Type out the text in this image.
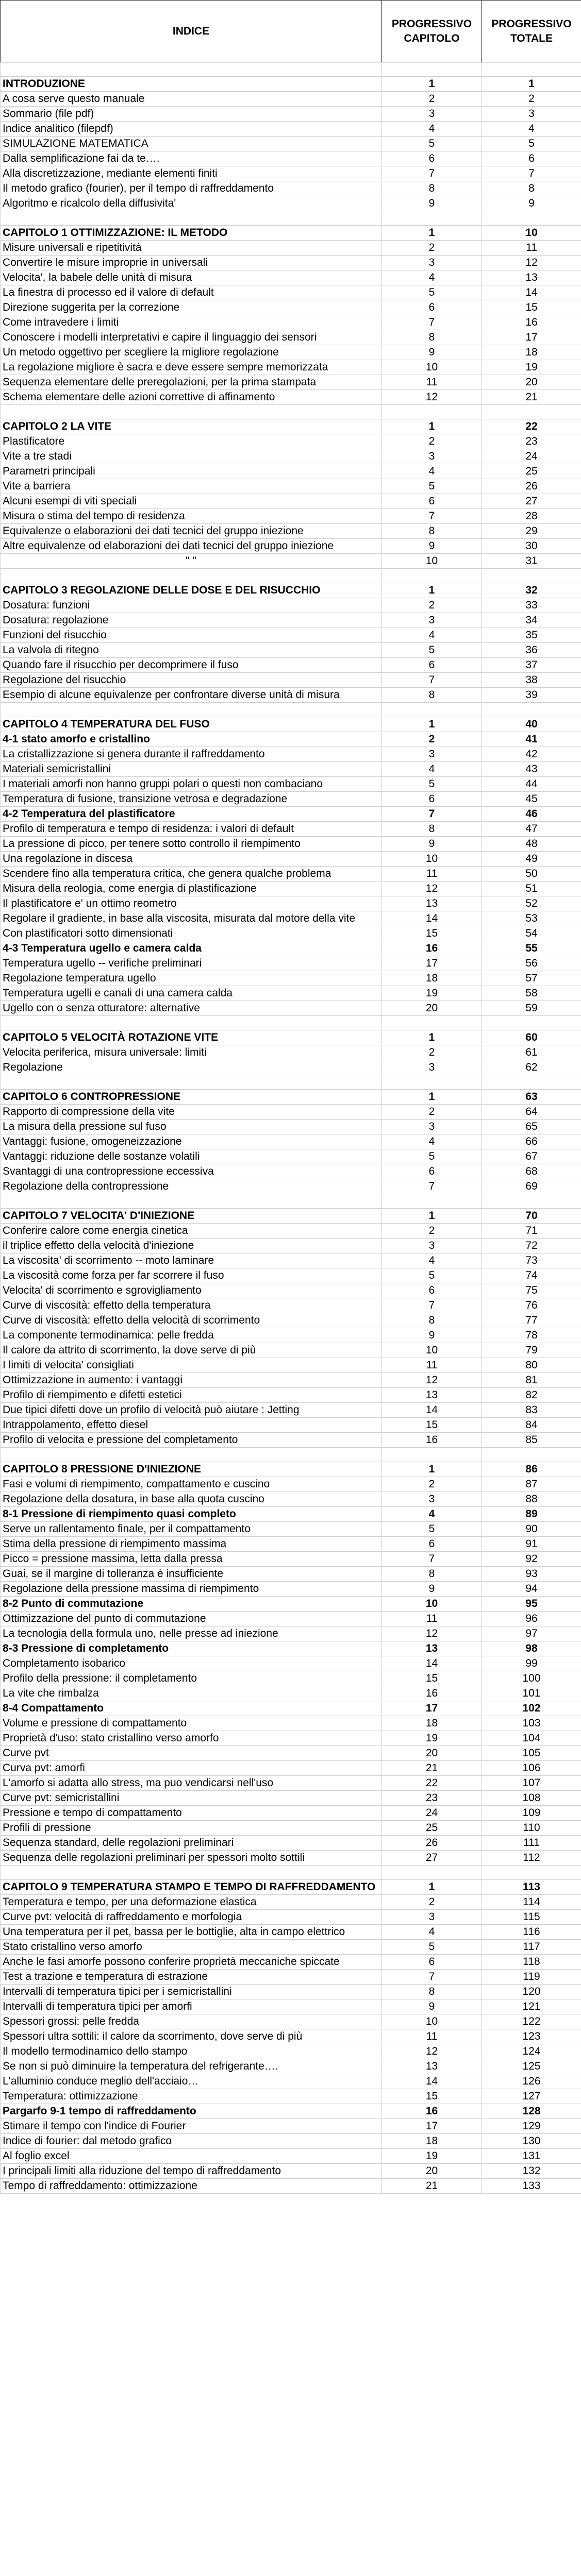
INDICE	PROGRESSIVO CAPITOLO	PROGRESSIVO TOTALE

INTRODUZIONE	1	1
A cosa serve questo manuale	2	2
Sommario (file pdf)	3	3
Indice analitico (filepdf)	4	4
SIMULAZIONE MATEMATICA	5	5
Dalla semplificazione fai da te….	6	6
Alla discretizzazione, mediante elementi finiti	7	7
Il metodo grafico (fourier), per il tempo di raffreddamento	8	8
Algoritmo e ricalcolo della diffusivita'	9	9

CAPITOLO 1 OTTIMIZZAZIONE: IL METODO	1	10
Misure universali e ripetitività	2	11
Convertire le misure improprie in universali	3	12
Velocita', la babele delle unità di misura	4	13
La finestra di processo ed il valore di default	5	14
Direzione suggerita per la correzione	6	15
Come intravedere i limiti	7	16
Conoscere i modelli interpretativi e capire il linguaggio dei sensori	8	17
Un metodo oggettivo per scegliere la migliore regolazione	9	18
La regolazione migliore è sacra e deve essere sempre memorizzata	10	19
Sequenza elementare delle preregolazioni, per la prima stampata	11	20
Schema elementare delle azioni correttive di affinamento	12	21

CAPITOLO 2 LA VITE	1	22
Plastificatore	2	23
Vite a tre stadi	3	24
Parametri principali	4	25
Vite a barriera	5	26
Alcuni esempi di viti speciali	6	27
Misura o stima del tempo di residenza	7	28
Equivalenze o elaborazioni dei dati tecnici del gruppo iniezione	8	29
Altre equivalenze od elaborazioni dei dati tecnici del gruppo iniezione	9	30
" "	10	31

CAPITOLO 3 REGOLAZIONE DELLE DOSE E DEL RISUCCHIO	1	32
Dosatura: funzioni	2	33
Dosatura: regolazione	3	34
Funzioni del risucchio	4	35
La valvola di ritegno	5	36
Quando fare il risucchio per decomprimere il fuso	6	37
Regolazione del risucchio	7	38
Esempio di alcune equivalenze per confrontare diverse unità di misura	8	39

CAPITOLO 4 TEMPERATURA DEL FUSO	1	40
4-1 stato amorfo e cristallino	2	41
La cristallizzazione si genera durante il raffreddamento	3	42
Materiali semicristallini	4	43
I materiali amorfi non hanno gruppi polari o questi non combaciano	5	44
Temperatura di fusione, transizione vetrosa e degradazione	6	45
4-2 Temperatura del plastificatore	7	46
Profilo di temperatura e tempo di residenza: i valori di default	8	47
La pressione di picco, per tenere sotto controllo il riempimento	9	48
Una regolazione in discesa	10	49
Scendere fino alla temperatura critica, che genera qualche problema	11	50
Misura della reologia, come energia di plastificazione	12	51
Il plastificatore e' un ottimo reometro	13	52
Regolare il gradiente, in base alla viscosita, misurata dal motore della vite	14	53
Con plastificatori sotto dimensionati	15	54
4-3 Temperatura ugello e camera calda	16	55
Temperatura ugello -- verifiche preliminari	17	56
Regolazione temperatura ugello	18	57
Temperatura ugelli e canali di una camera calda	19	58
Ugello con o senza otturatore: alternative	20	59

CAPITOLO 5 VELOCITÀ ROTAZIONE VITE	1	60
Velocita periferica, misura universale: limiti	2	61
Regolazione	3	62

CAPITOLO 6 CONTROPRESSIONE	1	63
Rapporto di compressione della vite	2	64
La misura della pressione sul fuso	3	65
Vantaggi: fusione, omogeneizzazione	4	66
Vantaggi: riduzione delle sostanze volatili	5	67
Svantaggi di una contropressione eccessiva	6	68
Regolazione della contropressione	7	69

CAPITOLO 7 VELOCITA' D'INIEZIONE	1	70
Conferire calore come energia cinetica	2	71
il triplice effetto della velocità d'iniezione	3	72
La viscosita' di scorrimento -- moto laminare	4	73
La viscosità come forza per far scorrere il fuso	5	74
Velocita' di scorrimento e sgrovigliamento	6	75
Curve di viscosità: effetto della temperatura	7	76
Curve di viscosità: effetto della velocità di scorrimento	8	77
La componente termodinamica: pelle fredda	9	78
Il calore da attrito di scorrimento, la dove serve di più	10	79
I limiti di velocita' consigliati	11	80
Ottimizzazione in aumento: i vantaggi	12	81
Profilo di riempimento e difetti estetici	13	82
Due tipici difetti dove un profilo di velocità può aiutare : Jetting	14	83
Intrappolamento, effetto diesel	15	84
Profilo di velocita e pressione del completamento	16	85

CAPITOLO 8 PRESSIONE D'INIEZIONE	1	86
Fasi e volumi di riempimento, compattamento e cuscino	2	87
Regolazione della dosatura, in base alla quota cuscino	3	88
8-1 Pressione di riempimento quasi completo	4	89
Serve un rallentamento finale, per il compattamento	5	90
Stima della pressione di riempimento massima	6	91
Picco = pressione massima, letta dalla pressa	7	92
Guai, se il margine di tolleranza è insufficiente	8	93
Regolazione della pressione massima di riempimento	9	94
8-2 Punto di commutazione	10	95
Ottimizzazione del punto di commutazione	11	96
La tecnologia della formula uno, nelle presse ad iniezione	12	97
8-3 Pressione di completamento	13	98
Completamento isobarico	14	99
Profilo della pressione: il completamento	15	100
La vite che rimbalza	16	101
8-4 Compattamento	17	102
Volume e pressione di compattamento	18	103
Proprietà d'uso: stato cristallino verso amorfo	19	104
Curve pvt	20	105
Curva pvt: amorfi	21	106
L'amorfo si adatta allo stress, ma puo vendicarsi nell'uso	22	107
Curve pvt: semicristallini	23	108
Pressione e tempo di compattamento	24	109
Profili di pressione	25	110
Sequenza standard, delle regolazioni preliminari	26	111
Sequenza delle regolazioni preliminari per spessori molto sottili	27	112

CAPITOLO 9 TEMPERATURA STAMPO E TEMPO DI RAFFREDDAMENTO	1	113
Temperatura e tempo, per una deformazione elastica	2	114
Curve pvt: velocità di raffreddamento e morfologia	3	115
Una temperatura per il pet, bassa per le bottiglie, alta in campo elettrico	4	116
Stato cristallino verso amorfo	5	117
Anche le fasi amorfe possono conferire proprietà meccaniche spiccate	6	118
Test a trazione e temperatura di estrazione	7	119
Intervalli di temperatura tipici per i semicristallini	8	120
Intervalli di temperatura tipici per amorfi	9	121
Spessori grossi: pelle fredda	10	122
Spessori ultra sottili: il calore da scorrimento, dove serve di più	11	123
Il modello termodinamico dello stampo	12	124
Se non si può diminuire la temperatura del refrigerante….	13	125
L'alluminio conduce meglio dell'acciaio…	14	126
Temperatura: ottimizzazione	15	127
Pargarfo 9-1 tempo di raffreddamento	16	128
Stimare il tempo con l'indice di Fourier	17	129
Indice di fourier: dal metodo grafico	18	130
Al foglio excel	19	131
I principali limiti alla riduzione del tempo di raffreddamento	20	132
Tempo di raffreddamento: ottimizzazione	21	133
